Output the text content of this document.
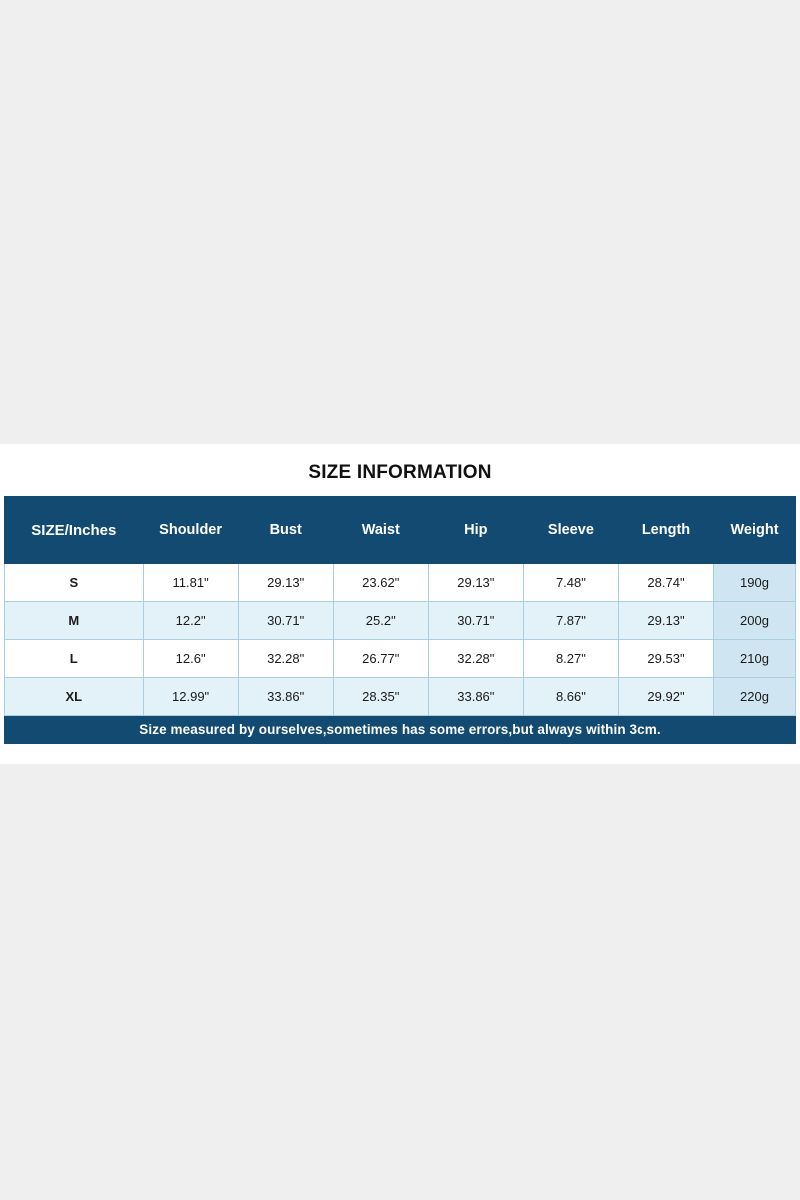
SIZE INFORMATION
SIZE/Inches	Shoulder	Bust	Waist	Hip	Sleeve	Length	Weight
S	11.81"	29.13"	23.62"	29.13"	7.48"	28.74"	190g
M	12.2"	30.71"	25.2"	30.71"	7.87"	29.13"	200g
L	12.6"	32.28"	26.77"	32.28"	8.27"	29.53"	210g
XL	12.99"	33.86"	28.35"	33.86"	8.66"	29.92"	220g
Size measured by ourselves,sometimes has some errors,but always within 3cm.
